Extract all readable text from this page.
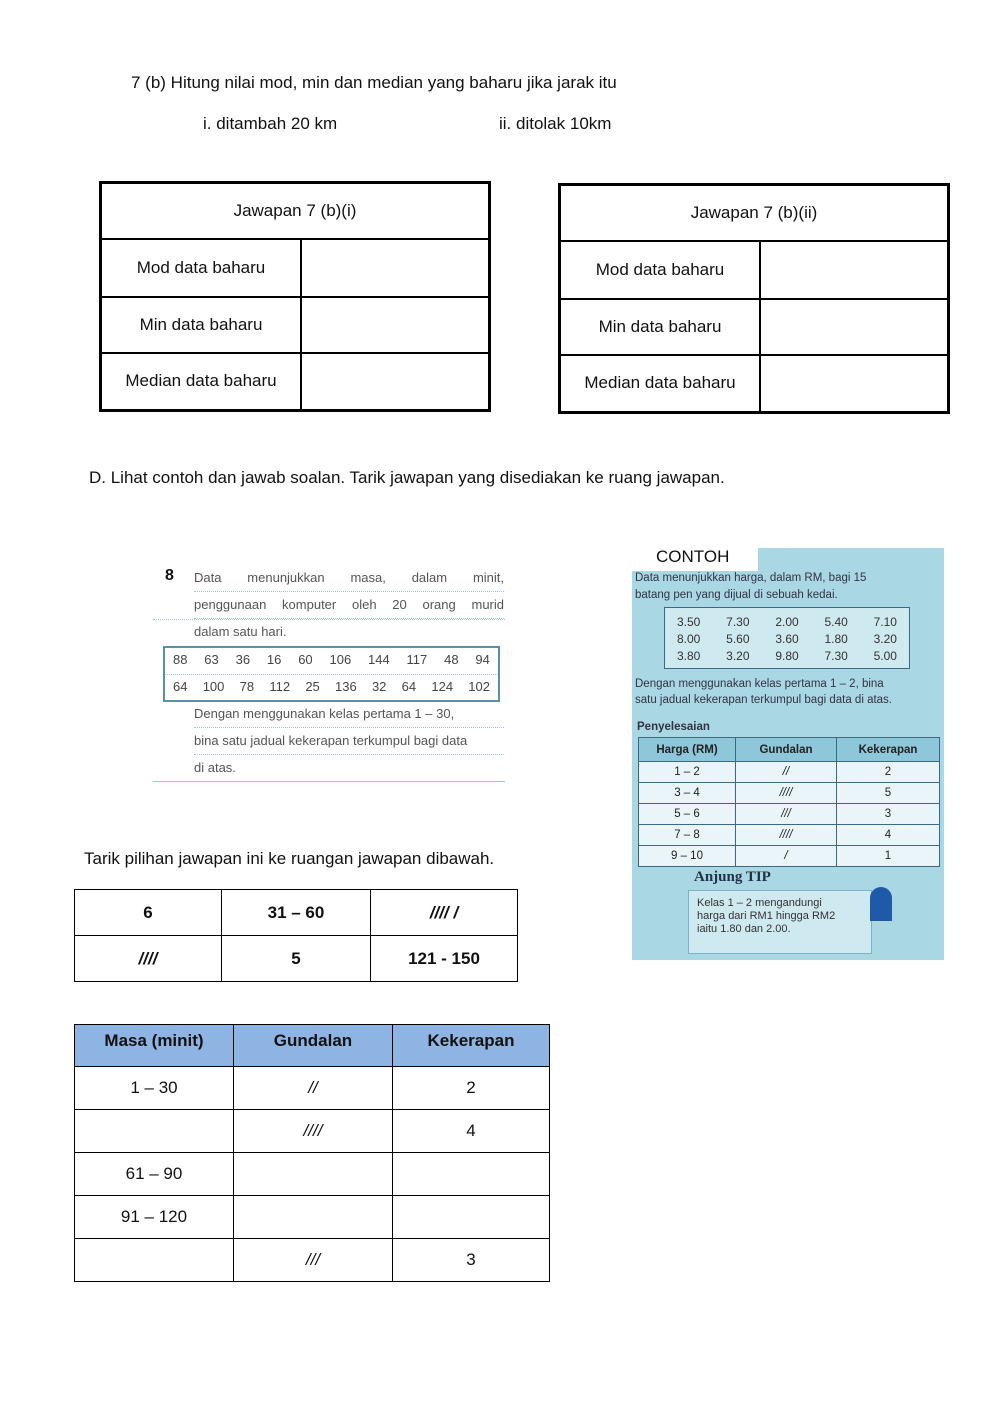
7 (b) Hitung nilai mod, min dan median yang baharu jika jarak itu
i. ditambah 20 km	ii. ditolak 10km
Jawapan 7 (b)(i)	
Mod data baharu	
Min data baharu	
Median data baharu	
Jawapan 7 (b)(ii)	
Mod data baharu	
Min data baharu	
Median data baharu	
D. Lihat contoh dan jawab soalan. Tarik jawapan yang disediakan ke ruang jawapan.
8 Data menunjukkan masa, dalam minit,
penggunaan komputer oleh 20 orang murid
dalam satu hari.
88 63 36 16 60 106 144 117 48 94
64 100 78 112 25 136 32 64 124 102
Dengan menggunakan kelas pertama 1 – 30,
bina satu jadual kekerapan terkumpul bagi data
di atas.
Tarik pilihan jawapan ini ke ruangan jawapan dibawah.
6	31 – 60	//// /
////	5	121 - 150
Masa (minit)	Gundalan	Kekerapan
1 – 30	//	2
	////	4
61 – 90		
91 – 120		
	///	3
CONTOH
Data menunjukkan harga, dalam RM, bagi 15
batang pen yang dijual di sebuah kedai.
3.50 7.30 2.00 5.40 7.10
8.00 5.60 3.60 1.80 3.20
3.80 3.20 9.80 7.30 5.00
Dengan menggunakan kelas pertama 1 – 2, bina
satu jadual kekerapan terkumpul bagi data di atas.
Penyelesaian
Harga (RM)	Gundalan	Kekerapan
1 – 2	//	2
3 – 4	////	5
5 – 6	///	3
7 – 8	////	4
9 – 10	/	1
Anjung TIP
Kelas 1 – 2 mengandungi
harga dari RM1 hingga RM2
iaitu 1.80 dan 2.00.
